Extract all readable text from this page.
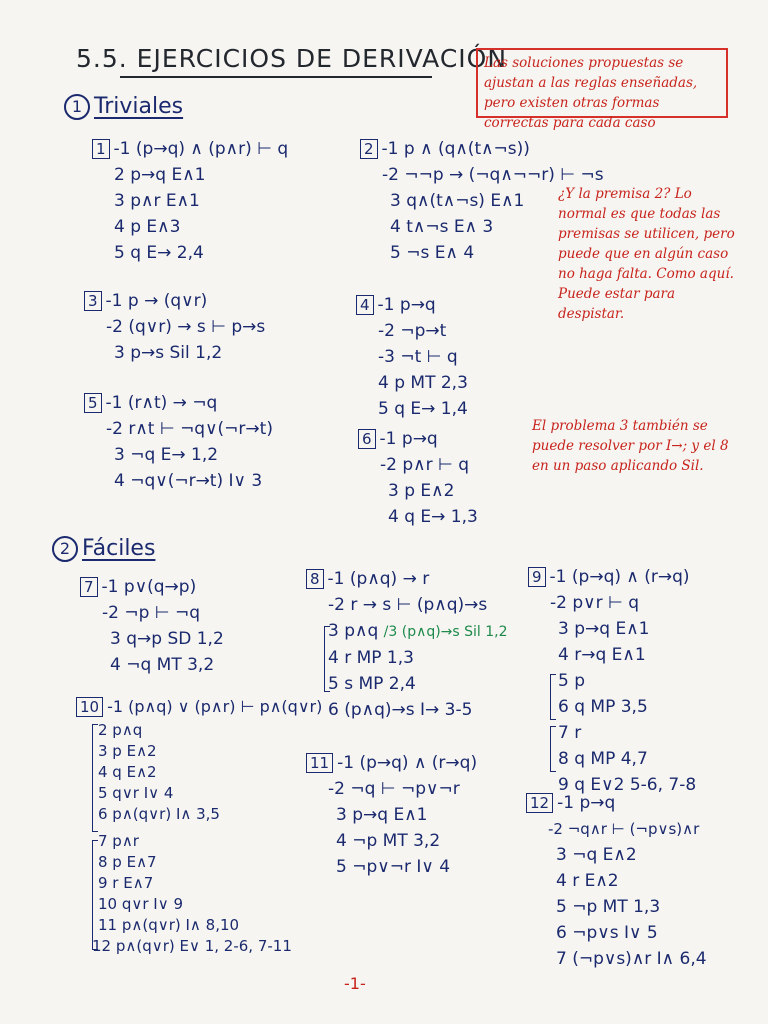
5.5. EJERCICIOS DE DERIVACIÓN
Las soluciones propuestas se ajustan a las reglas enseñadas, pero existen otras formas correctas para cada caso
1 Triviales
1 -1 (p→q) ∧ (p∧r) ⊢ q
2 p→q E∧1
3 p∧r E∧1
4 p E∧3
5 q E→ 2,4
2 -1 p ∧ (q∧(t∧¬s))
-2 ¬¬p → (¬q∧¬¬r) ⊢ ¬s
3 q∧(t∧¬s) E∧1
4 t∧¬s E∧ 3
5 ¬s E∧ 4
¿Y la premisa 2? Lo normal es que todas las premisas se utilicen, pero puede que en algún caso no haga falta. Como aquí. Puede estar para despistar.
3 -1 p → (q∨r)
-2 (q∨r) → s ⊢ p→s
3 p→s Sil 1,2
4 -1 p→q
-2 ¬p→t
-3 ¬t ⊢ q
4 p MT 2,3
5 q E→ 1,4
5 -1 (r∧t) → ¬q
-2 r∧t ⊢ ¬q∨(¬r→t)
3 ¬q E→ 1,2
4 ¬q∨(¬r→t) I∨ 3
6 -1 p→q
-2 p∧r ⊢ q
3 p E∧2
4 q E→ 1,3
El problema 3 también se puede resolver por I→; y el 8 en un paso aplicando Sil.
2 Fáciles
7 -1 p∨(q→p)
-2 ¬p ⊢ ¬q
3 q→p SD 1,2
4 ¬q MT 3,2
8 -1 (p∧q) → r
-2 r → s ⊢ (p∧q)→s
3 p∧q /3 (p∧q)→s Sil 1,2
4 r MP 1,3
5 s MP 2,4
6 (p∧q)→s I→ 3-5
9 -1 (p→q) ∧ (r→q)
-2 p∨r ⊢ q
3 p→q E∧1
4 r→q E∧1
5 p
6 q MP 3,5
7 r
8 q MP 4,7
9 q E∨2 5-6, 7-8
10 -1 (p∧q) ∨ (p∧r) ⊢ p∧(q∨r)
2 p∧q
3 p E∧2
4 q E∧2
5 q∨r I∨ 4
6 p∧(q∨r) I∧ 3,5
7 p∧r
8 p E∧7
9 r E∧7
10 q∨r I∨ 9
11 p∧(q∨r) I∧ 8,10
12 p∧(q∨r) E∨ 1, 2-6, 7-11
11 -1 (p→q) ∧ (r→q)
-2 ¬q ⊢ ¬p∨¬r
3 p→q E∧1
4 ¬p MT 3,2
5 ¬p∨¬r I∨ 4
12 -1 p→q
-2 ¬q∧r ⊢ (¬p∨s)∧r
3 ¬q E∧2
4 r E∧2
5 ¬p MT 1,3
6 ¬p∨s I∨ 5
7 (¬p∨s)∧r I∧ 6,4
-1-
